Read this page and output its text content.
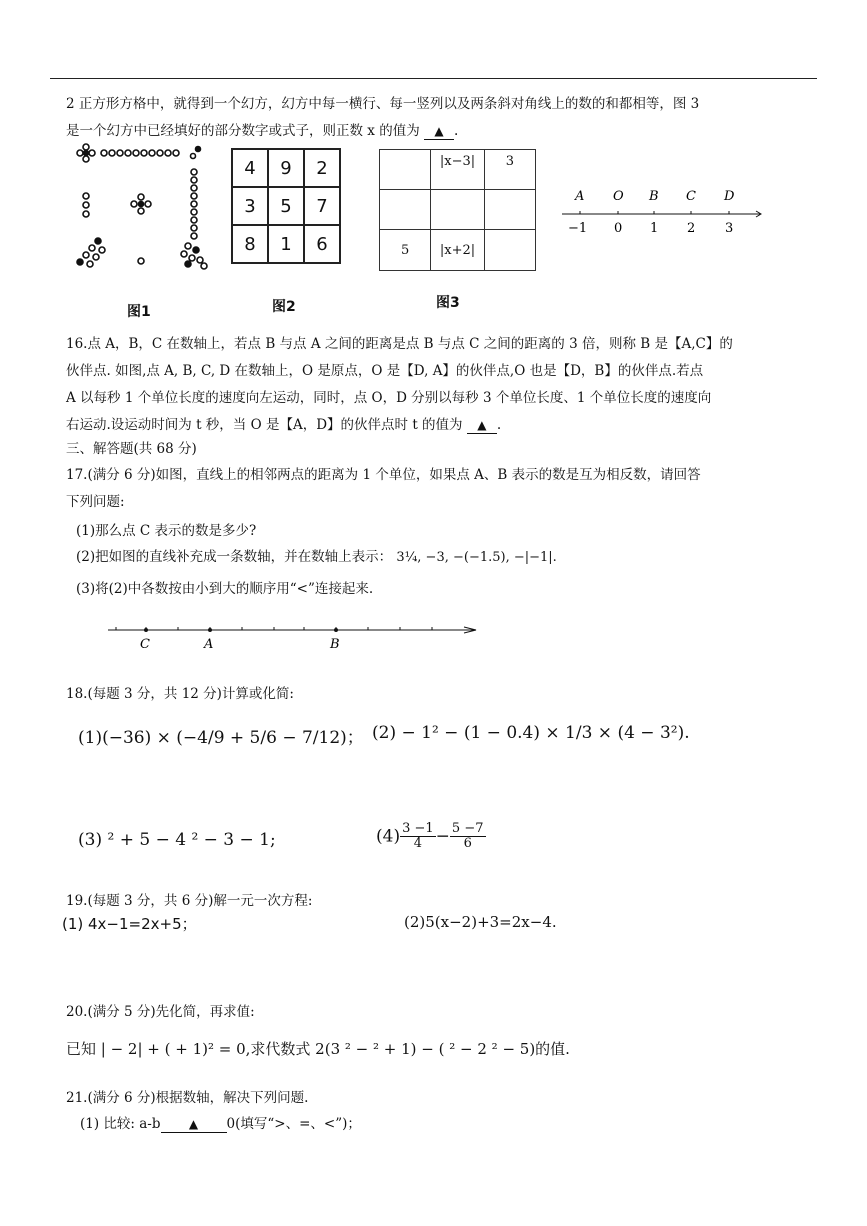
2 正方形方格中，就得到一个幻方，幻方中每一横行、每一竖列以及两条斜对角线上的数的和都相等，图 3
是一个幻方中已经填好的部分数字或式子，则正数 x 的值为 ▲ .
图1
4	9	2
3	5	7
8	1	6
图2
	|x−3|	3

5	|x+2|	
图3
A O B C D
−1 0 1 2 3
16.点 A，B，C 在数轴上，若点 B 与点 A 之间的距离是点 B 与点 C 之间的距离的 3 倍，则称 B 是【A,C】的
伙伴点. 如图,点 A, B, C, D 在数轴上，O 是原点，O 是【D, A】的伙伴点,O 也是【D，B】的伙伴点.若点
A 以每秒 1 个单位长度的速度向左运动，同时，点 O，D 分别以每秒 3 个单位长度、1 个单位长度的速度向
右运动.设运动时间为 t 秒，当 O 是【A，D】的伙伴点时 t 的值为 ▲ .
三、解答题(共 68 分)
17.(满分 6 分)如图，直线上的相邻两点的距离为 1 个单位，如果点 A、B 表示的数是互为相反数，请回答
下列问题:
(1)那么点 C 表示的数是多少?
(2)把如图的直线补充成一条数轴，并在数轴上表示： 3¼, −3, −(−1.5), −|−1|.
(3)将(2)中各数按由小到大的顺序用“<”连接起来.
C	A	B
18.(每题 3 分，共 12 分)计算或化简:
(1)(−36) × (−4/9 + 5/6 − 7/12)； (2) − 1² − (1 − 0.4) × 1/3 × (4 − 3²).
(3) ² + 5 − 4 ² − 3 − 1;	$(4) \frac{3 -1}{4} - \frac{5 -7}{6}$
19.(每题 3 分，共 6 分)解一元一次方程:
(1) 4x−1=2x+5；	(2)5(x−2)+3=2x−4.
20.(满分 5 分)先化简，再求值:
已知 | − 2| + ( + 1)² = 0,求代数式 2(3 ² − ² + 1) − ( ² − 2 ² − 5)的值.
21.(满分 6 分)根据数轴，解决下列问题.
(1) 比较: a-b ▲ 0(填写“>、=、<”)；
